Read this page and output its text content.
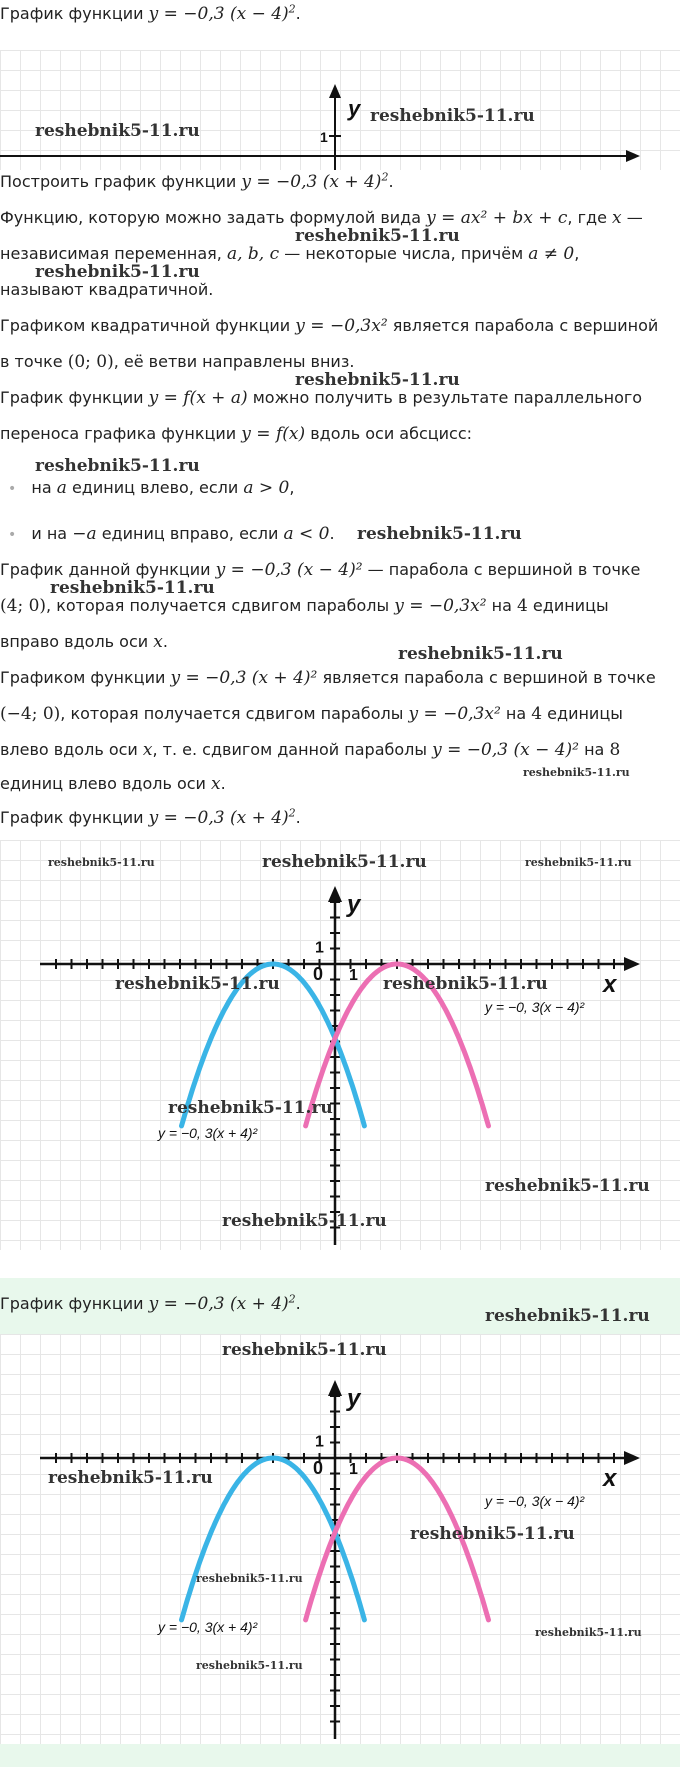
График функции y = −0,3 $(x - 4)^2$.
y
1
reshebnik5-11.ru
reshebnik5-11.ru
Построить график функции y = −0,3 $(x + 4)^2$.
Функцию, которую можно задать формулой вида y = ax² + bx + c, где x —
reshebnik5-11.ru
независимая переменная, a, b, c — некоторые числа, причём a ≠ 0,
reshebnik5-11.ru
называют квадратичной.
Графиком квадратичной функции y = −0,3x² является парабола с вершиной
в точке (0; 0), её ветви направлены вниз.
reshebnik5-11.ru
График функции y = f(x + a) можно получить в результате параллельного
переноса графика функции y = f(x) вдоль оси абсцисс:
reshebnik5-11.ru
• на a единиц влево, если a > 0,
• и на −a единиц вправо, если a < 0. reshebnik5-11.ru
График данной функции y = −0,3 (x − 4)² — парабола с вершиной в точке
reshebnik5-11.ru
(4; 0), которая получается сдвигом параболы y = −0,3x² на 4 единицы
вправо вдоль оси x.
reshebnik5-11.ru
Графиком функции y = −0,3 (x + 4)² является парабола с вершиной в точке
(−4; 0), которая получается сдвигом параболы y = −0,3x² на 4 единицы
влево вдоль оси x, т. е. сдвигом данной параболы y = −0,3 (x − 4)² на 8
reshebnik5-11.ru
единиц влево вдоль оси x.
График функции y = −0,3 $(x + 4)^2$.
y
x
0 1
1
y = −0, 3(x − 4)²
y = −0, 3(x + 4)²
reshebnik5-11.ru	reshebnik5-11.ru	reshebnik5-11.ru
reshebnik5-11.ru	reshebnik5-11.ru
reshebnik5-11.ru
reshebnik5-11.ru
reshebnik5-11.ru
График функции y = −0,3 $(x + 4)^2$.
reshebnik5-11.ru
y
x
0 1
1
y = −0, 3(x − 4)²
y = −0, 3(x + 4)²
reshebnik5-11.ru
reshebnik5-11.ru
reshebnik5-11.ru
reshebnik5-11.ru
reshebnik5-11.ru
reshebnik5-11.ru
